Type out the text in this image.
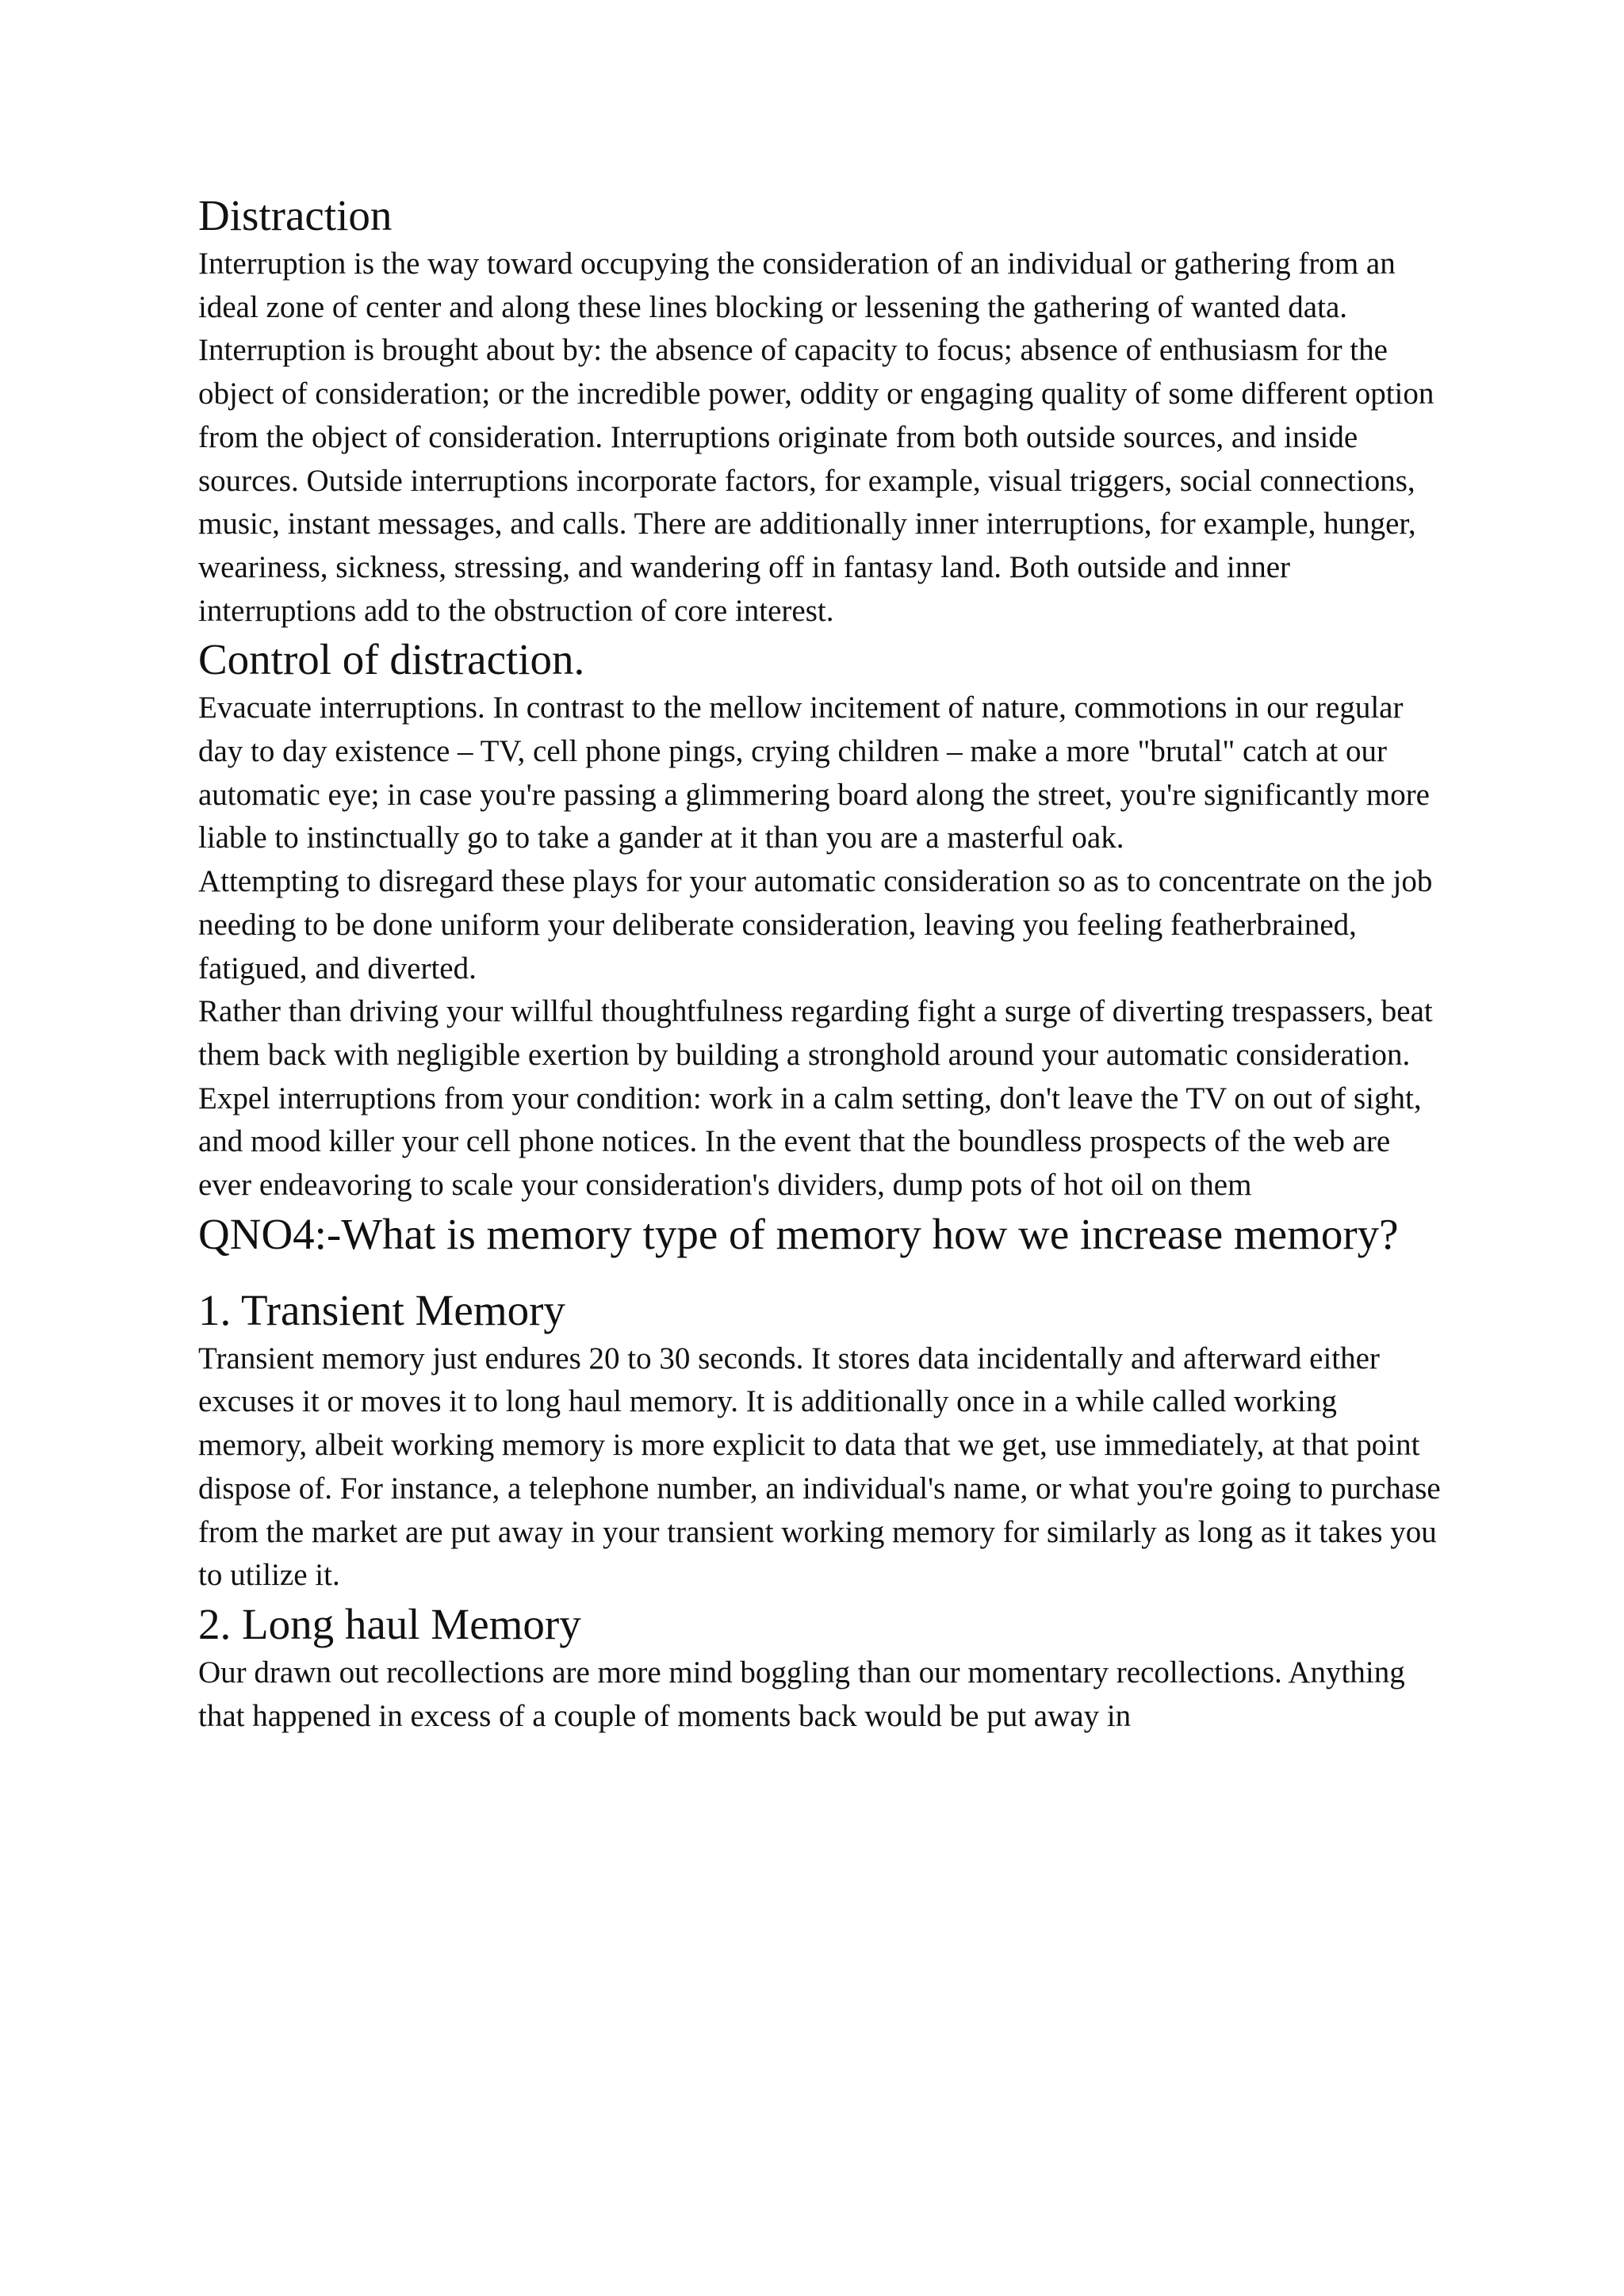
Distraction

Interruption is the way toward occupying the consideration of an individual or gathering from an ideal zone of center and along these lines blocking or lessening the gathering of wanted data. Interruption is brought about by: the absence of capacity to focus; absence of enthusiasm for the object of consideration; or the incredible power, oddity or engaging quality of some different option from the object of consideration. Interruptions originate from both outside sources, and inside sources. Outside interruptions incorporate factors, for example, visual triggers, social connections, music, instant messages, and calls. There are additionally inner interruptions, for example, hunger, weariness, sickness, stressing, and wandering off in fantasy land. Both outside and inner interruptions add to the obstruction of core interest.

Control of distraction.

Evacuate interruptions. In contrast to the mellow incitement of nature, commotions in our regular day to day existence – TV, cell phone pings, crying children – make a more "brutal" catch at our automatic eye; in case you're passing a glimmering board along the street, you're significantly more liable to instinctually go to take a gander at it than you are a masterful oak.

Attempting to disregard these plays for your automatic consideration so as to concentrate on the job needing to be done uniform your deliberate consideration, leaving you feeling featherbrained, fatigued, and diverted.

Rather than driving your willful thoughtfulness regarding fight a surge of diverting trespassers, beat them back with negligible exertion by building a stronghold around your automatic consideration. Expel interruptions from your condition: work in a calm setting, don't leave the TV on out of sight, and mood killer your cell phone notices. In the event that the boundless prospects of the web are ever endeavoring to scale your consideration's dividers, dump pots of hot oil on them

QNO4:-What is memory type of memory how we increase memory?
1. Transient Memory

Transient memory just endures 20 to 30 seconds. It stores data incidentally and afterward either excuses it or moves it to long haul memory. It is additionally once in a while called working memory, albeit working memory is more explicit to data that we get, use immediately, at that point dispose of. For instance, a telephone number, an individual's name, or what you're going to purchase from the market are put away in your transient working memory for similarly as long as it takes you to utilize it.

2. Long haul Memory

Our drawn out recollections are more mind boggling than our momentary recollections. Anything that happened in excess of a couple of moments back would be put away in
